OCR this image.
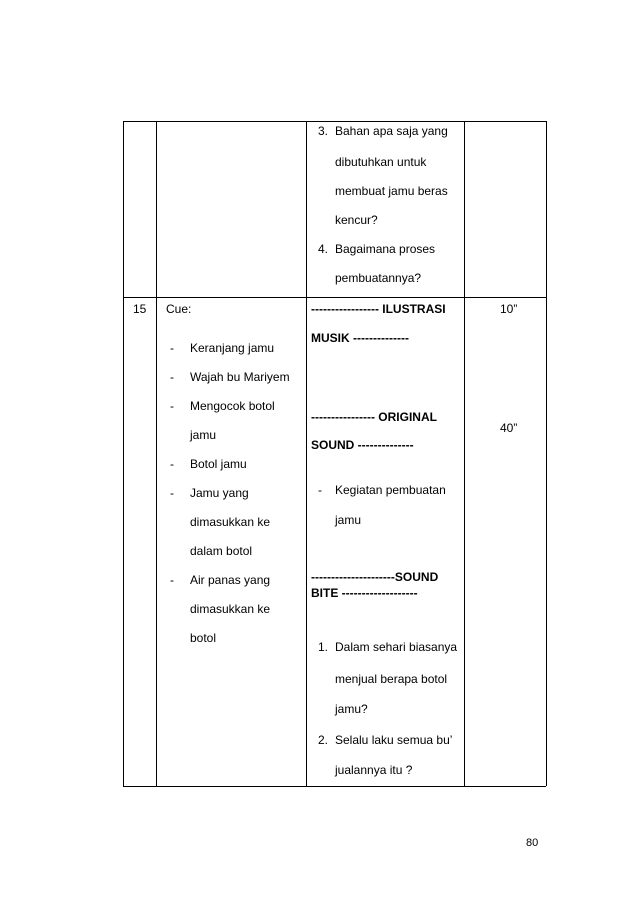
3. Bahan apa saja yang
dibutuhkan untuk
membuat jamu beras
kencur?
4. Bagaimana proses
pembuatannya?
15 Cue:
- Keranjang jamu
- Wajah bu Mariyem
- Mengocok botol
jamu
- Botol jamu
- Jamu yang
dimasukkan ke
dalam botol
- Air panas yang
dimasukkan ke
botol
----------------- ILUSTRASI
MUSIK --------------
---------------- ORIGINAL
SOUND --------------
- Kegiatan pembuatan
jamu
---------------------SOUND
BITE -------------------
1. Dalam sehari biasanya
menjual berapa botol
jamu?
2. Selalu laku semua bu’
jualannya itu ?
10”
40”
80
